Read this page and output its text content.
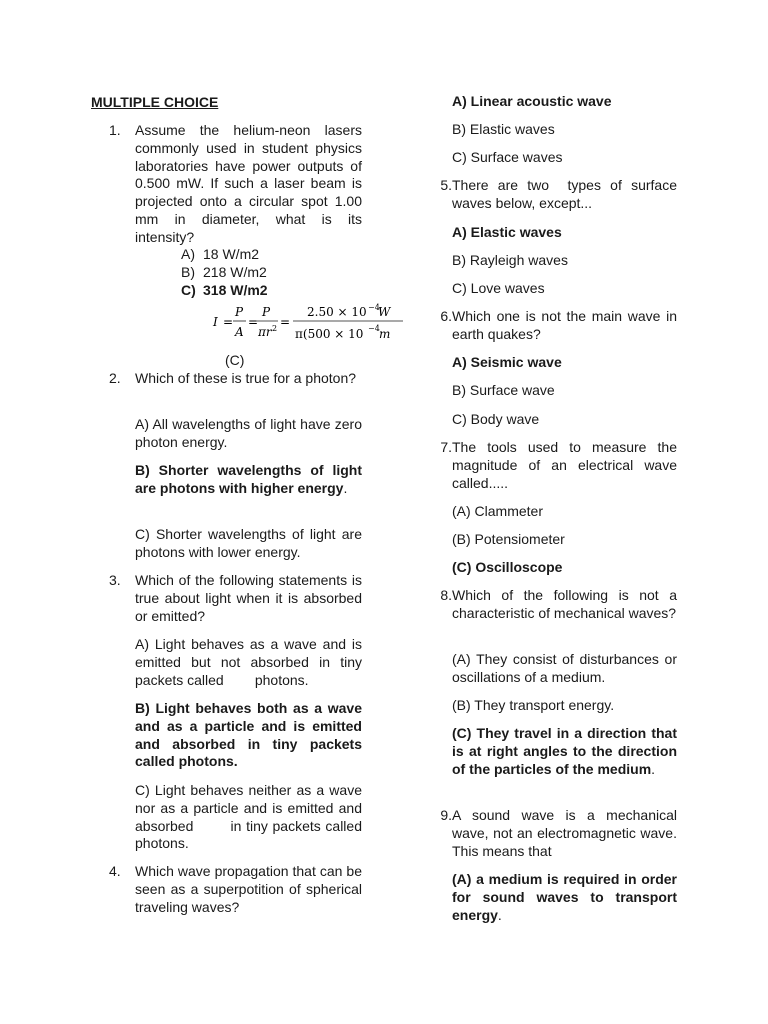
MULTIPLE CHOICE
1. Assume the helium-neon lasers commonly used in student physics laboratories have power outputs of 0.500 mW. If such a laser beam is projected onto a circular spot 1.00 mm in diameter, what is its intensity?
A) 18 W/m2
B) 218 W/m2
C) 318 W/m2
I =
P
A
=
P
πr 2 =
2.50 × 10 −4
W
π(500 × 10 −4 m
(C)
2. Which of these is true for a photon?
A) All wavelengths of light have zero photon energy.
B) Shorter wavelengths of light are photons with higher energy.
C) Shorter wavelengths of light are photons with lower energy.
3. Which of the following statements is true about light when it is absorbed or emitted?
A) Light behaves as a wave and is emitted but not absorbed in tiny packets called        photons.
B) Light behaves both as a wave and as a particle and is emitted and absorbed in tiny packets called photons.
C) Light behaves neither as a wave nor as a particle and is emitted and absorbed        in tiny packets called photons.
4. Which wave propagation that can be seen as a superpotition of spherical traveling waves?
A) Linear acoustic wave
B) Elastic waves
C) Surface waves
5. There are two  types of surface waves below, except...
A) Elastic waves
B) Rayleigh waves
C) Love waves
6. Which one is not the main wave in earth quakes?
A) Seismic wave
B) Surface wave
C) Body wave
7. The tools used to measure the magnitude of an electrical wave called.....
(A) Clammeter
(B) Potensiometer
(C) Oscilloscope
8. Which of the following is not a characteristic of mechanical waves?
(A) They consist of disturbances or oscillations of a medium.
(B) They transport energy.
(C) They travel in a direction that is at right angles to the direction of the particles of the medium.
9. A sound wave is a mechanical wave, not an electromagnetic wave. This means that
(A) a medium is required in order for sound waves to transport energy.
